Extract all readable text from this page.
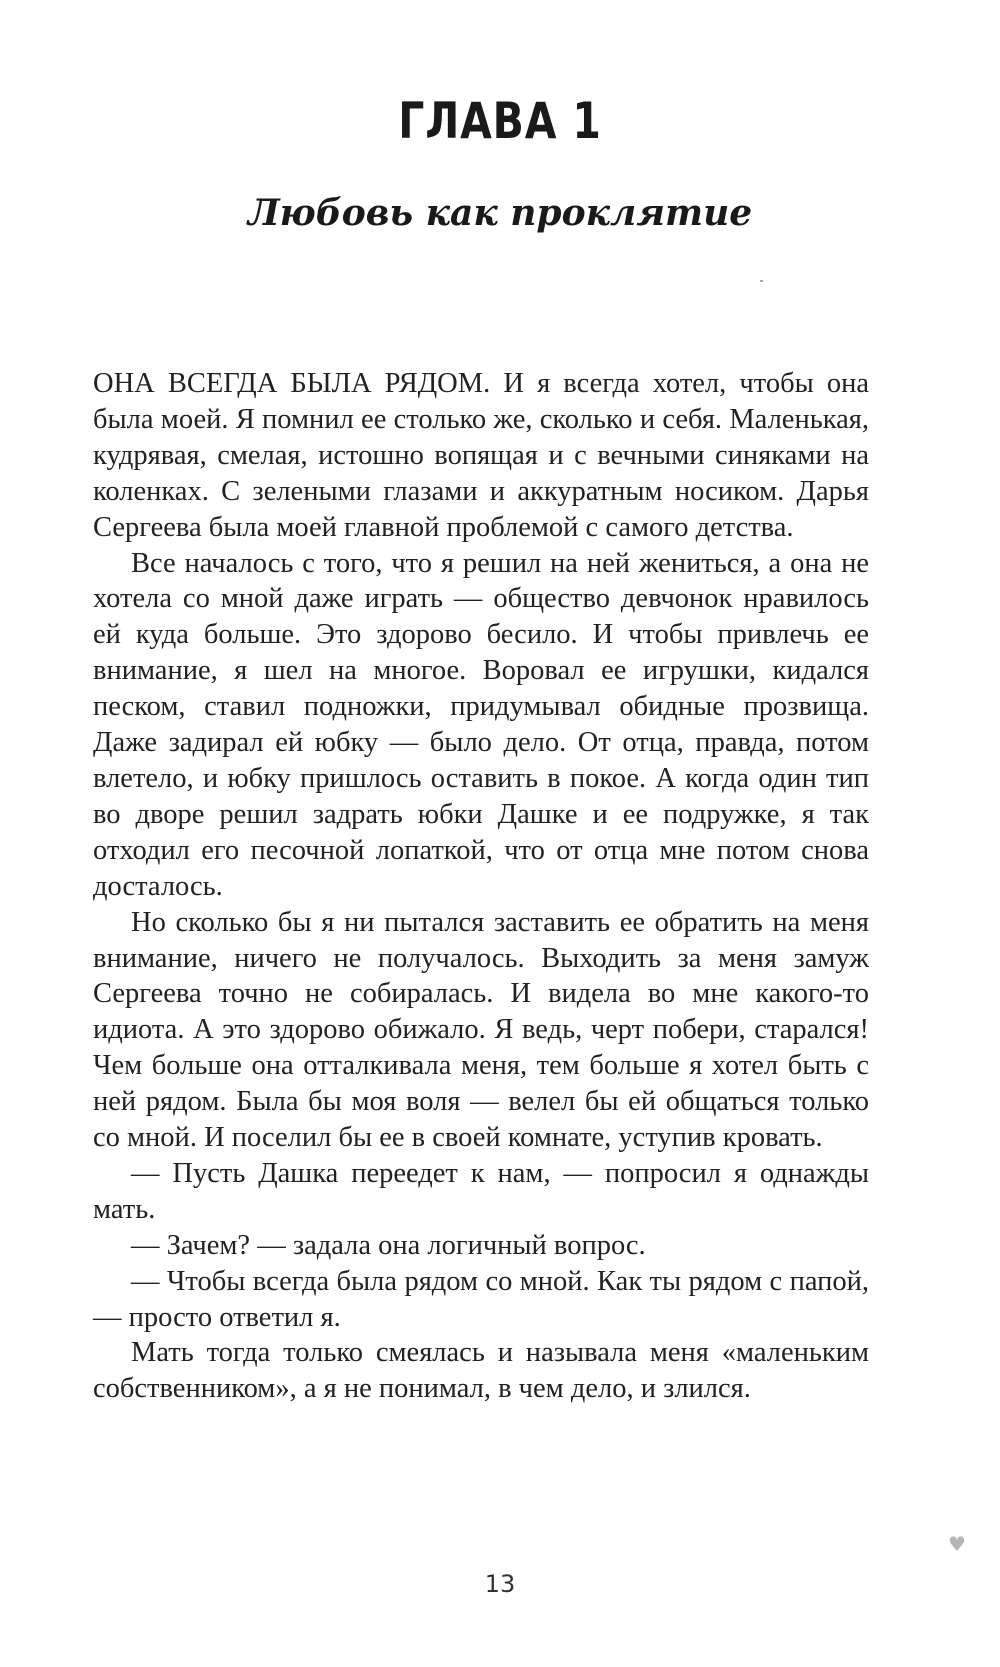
ГЛАВА 1
Любовь как проклятие

ОНА ВСЕГДА БЫЛА РЯДОМ. И я всегда хотел, чтобы она была моей. Я помнил ее столько же, сколько и себя. Маленькая, кудрявая, смелая, истошно вопящая и с вечными синяками на коленках. С зелеными глазами и аккуратным носиком. Дарья Сергеева была моей главной проблемой с самого детства.

Все началось с того, что я решил на ней жениться, а она не хотела со мной даже играть — общество девчонок нравилось ей куда больше. Это здорово бесило. И чтобы привлечь ее внимание, я шел на многое. Воровал ее игрушки, кидался песком, ставил подножки, придумывал обидные прозвища. Даже задирал ей юбку — было дело. От отца, правда, потом влетело, и юбку пришлось оставить в покое. А когда один тип во дворе решил задрать юбки Дашке и ее подружке, я так отходил его песочной лопаткой, что от отца мне потом снова досталось.

Но сколько бы я ни пытался заставить ее обратить на меня внимание, ничего не получалось. Выходить за меня замуж Сергеева точно не собиралась. И видела во мне какого-то идиота. А это здорово обижало. Я ведь, черт побери, старался! Чем больше она отталкивала меня, тем больше я хотел быть с ней рядом. Была бы моя воля — велел бы ей общаться только со мной. И поселил бы ее в своей комнате, уступив кровать.

— Пусть Дашка переедет к нам, — попросил я однажды мать.

— Зачем? — задала она логичный вопрос.

— Чтобы всегда была рядом со мной. Как ты рядом с папой, — просто ответил я.

Мать тогда только смеялась и называла меня «маленьким собственником», а я не понимал, в чем дело, и злился.

♥
13
